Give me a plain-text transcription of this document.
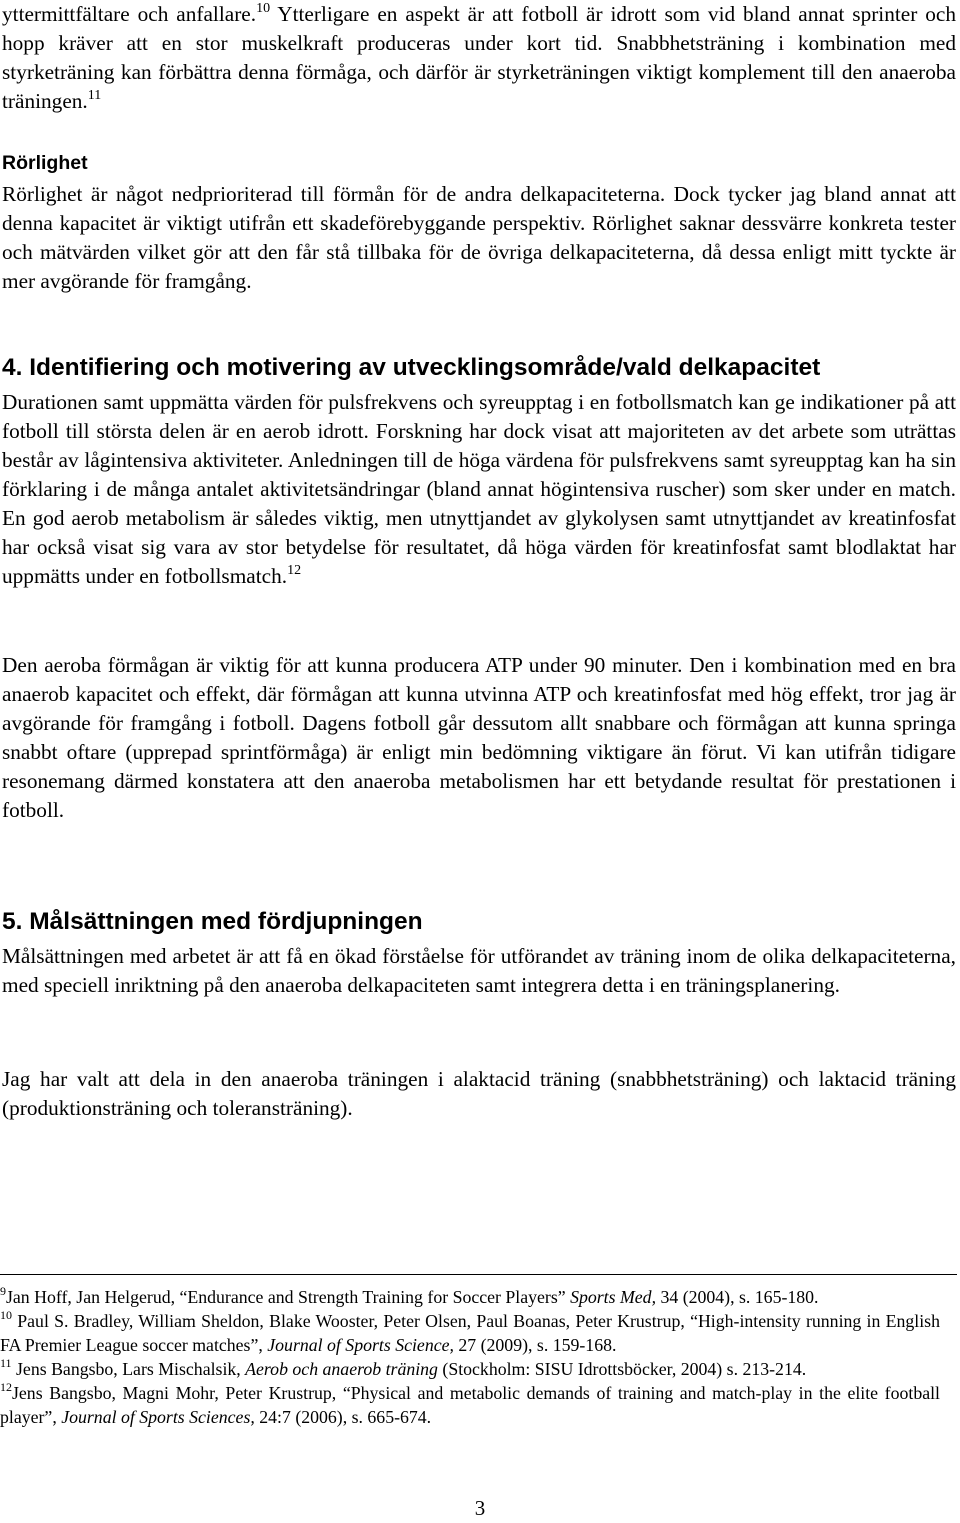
yttermittfältare och anfallare.$^{10}$ Ytterligare en aspekt är att fotboll är idrott som vid bland annat sprinter och hopp kräver att en stor muskelkraft produceras under kort tid. Snabbhetsträning i kombination med styrketräning kan förbättra denna förmåga, och därför är styrketräningen viktigt komplement till den anaeroba träningen.$^{11}$

Rörlighet

Rörlighet är något nedprioriterad till förmån för de andra delkapaciteterna. Dock tycker jag bland annat att denna kapacitet är viktigt utifrån ett skadeförebyggande perspektiv. Rörlighet saknar dessvärre konkreta tester och mätvärden vilket gör att den får stå tillbaka för de övriga delkapaciteterna, då dessa enligt mitt tyckte är mer avgörande för framgång.

4. Identifiering och motivering av utvecklingsområde/vald delkapacitet

Durationen samt uppmätta värden för pulsfrekvens och syreupptag i en fotbollsmatch kan ge indikationer på att fotboll till största delen är en aerob idrott. Forskning har dock visat att majoriteten av det arbete som uträttas består av lågintensiva aktiviteter. Anledningen till de höga värdena för pulsfrekvens samt syreupptag kan ha sin förklaring i de många antalet aktivitetsändringar (bland annat högintensiva ruscher) som sker under en match. En god aerob metabolism är således viktig, men utnyttjandet av glykolysen samt utnyttjandet av kreatinfosfat har också visat sig vara av stor betydelse för resultatet, då höga värden för kreatinfosfat samt blodlaktat har uppmätts under en fotbollsmatch.$^{12}$

Den aeroba förmågan är viktig för att kunna producera ATP under 90 minuter. Den i kombination med en bra anaerob kapacitet och effekt, där förmågan att kunna utvinna ATP och kreatinfosfat med hög effekt, tror jag är avgörande för framgång i fotboll. Dagens fotboll går dessutom allt snabbare och förmågan att kunna springa snabbt oftare (upprepad sprintförmåga) är enligt min bedömning viktigare än förut. Vi kan utifrån tidigare resonemang därmed konstatera att den anaeroba metabolismen har ett betydande resultat för prestationen i fotboll.

5. Målsättningen med fördjupningen

Målsättningen med arbetet är att få en ökad förståelse för utförandet av träning inom de olika delkapaciteterna, med speciell inriktning på den anaeroba delkapaciteten samt integrera detta i en träningsplanering.

Jag har valt att dela in den anaeroba träningen i alaktacid träning (snabbhetsträning) och laktacid träning (produktionsträning och toleransträning).

$^9$Jan Hoff, Jan Helgerud, “Endurance and Strength Training for Soccer Players” Sports Med, 34 (2004), s. 165-180.

$^{10}$ Paul S. Bradley, William Sheldon, Blake Wooster, Peter Olsen, Paul Boanas, Peter Krustrup, “High-intensity running in English FA Premier League soccer matches”, Journal of Sports Science, 27 (2009), s. 159-168.

$^{11}$ Jens Bangsbo, Lars Mischalsik, Aerob och anaerob träning (Stockholm: SISU Idrottsböcker, 2004) s. 213-214.

$^{12}$Jens Bangsbo, Magni Mohr, Peter Krustrup, “Physical and metabolic demands of training and match-play in the elite football player”, Journal of Sports Sciences, 24:7 (2006), s. 665-674.

3
